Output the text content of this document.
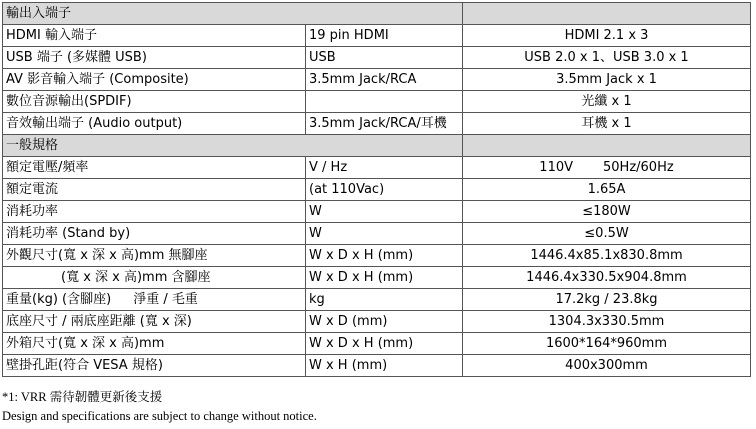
輸出入端子		
HDMI 輸入端子	19 pin HDMI	HDMI 2.1 x 3
USB 端子 (多媒體 USB)	USB	USB 2.0 x 1、USB 3.0 x 1
AV 影音輸入端子 (Composite)	3.5mm Jack/RCA	3.5mm Jack x 1
數位音源輸出(SPDIF)		光纖 x 1
音效輸出端子 (Audio output)	3.5mm Jack/RCA/耳機	耳機 x 1
一般規格		
額定電壓/頻率	V / Hz	110V 50Hz/60Hz
額定電流	(at 110Vac)	1.65A
消耗功率	W	≤180W
消耗功率 (Stand by)	W	≤0.5W
外觀尺寸(寬 x 深 x 高)mm 無腳座	W x D x H (mm)	1446.4x85.1x830.8mm
(寬 x 深 x 高)mm 含腳座	W x D x H (mm)	1446.4x330.5x904.8mm
重量(kg) (含腳座) 淨重 / 毛重	kg	17.2kg / 23.8kg
底座尺寸 / 兩底座距離 (寬 x 深)	W x D (mm)	1304.3x330.5mm
外箱尺寸(寬 x 深 x 高)mm	W x D x H (mm)	1600*164*960mm
壁掛孔距(符合 VESA 規格)	W x H (mm)	400x300mm
*1: VRR 需待韌體更新後支援
Design and specifications are subject to change without notice.
